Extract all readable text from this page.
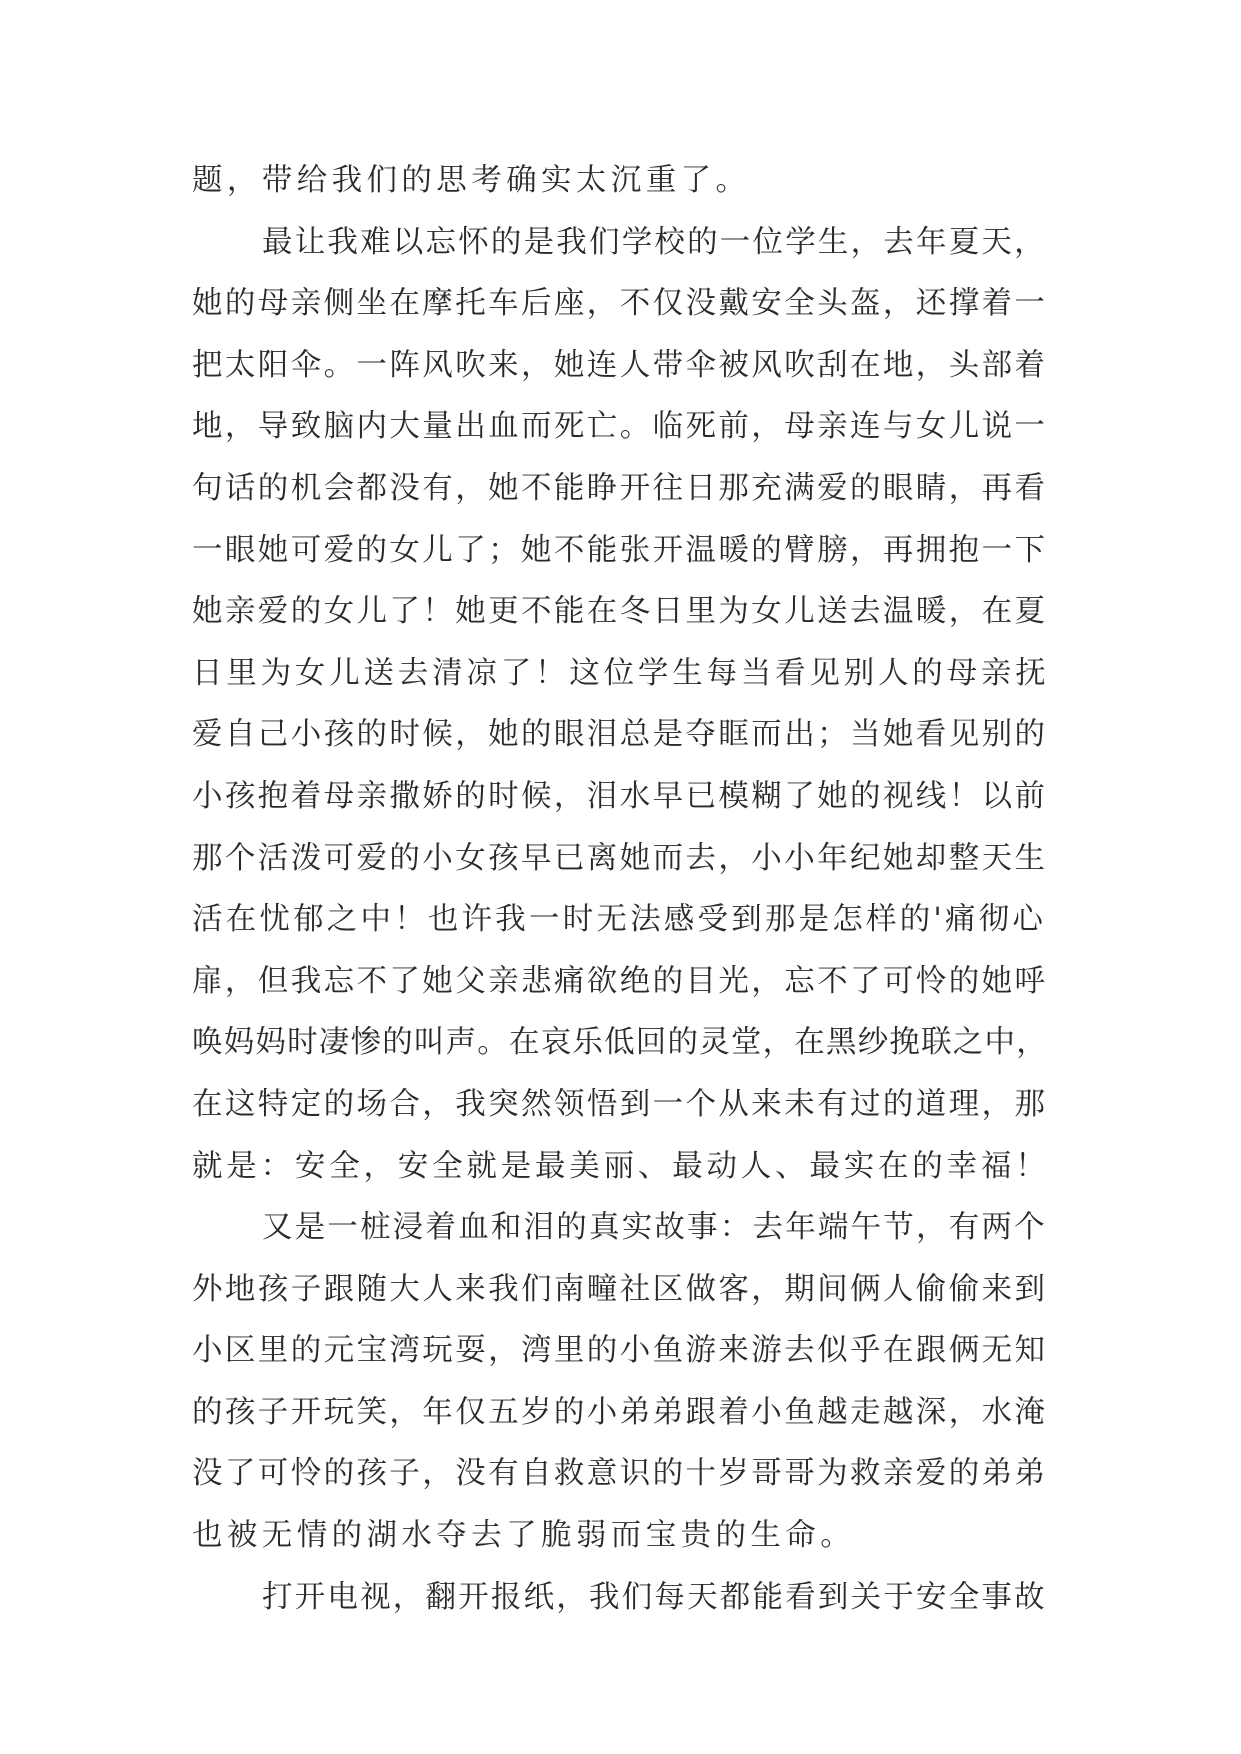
题，带给我们的思考确实太沉重了。
最让我难以忘怀的是我们学校的一位学生，去年夏天，
她的母亲侧坐在摩托车后座，不仅没戴安全头盔，还撑着一
把太阳伞。一阵风吹来，她连人带伞被风吹刮在地，头部着
地，导致脑内大量出血而死亡。临死前，母亲连与女儿说一
句话的机会都没有，她不能睁开往日那充满爱的眼睛，再看
一眼她可爱的女儿了；她不能张开温暖的臂膀，再拥抱一下
她亲爱的女儿了！她更不能在冬日里为女儿送去温暖，在夏
日里为女儿送去清凉了！这位学生每当看见别人的母亲抚
爱自己小孩的时候，她的眼泪总是夺眶而出；当她看见别的
小孩抱着母亲撒娇的时候，泪水早已模糊了她的视线！以前
那个活泼可爱的小女孩早已离她而去，小小年纪她却整天生
活在忧郁之中！也许我一时无法感受到那是怎样的'痛彻心
扉，但我忘不了她父亲悲痛欲绝的目光，忘不了可怜的她呼
唤妈妈时凄惨的叫声。在哀乐低回的灵堂，在黑纱挽联之中，
在这特定的场合，我突然领悟到一个从来未有过的道理，那
就是：安全，安全就是最美丽、最动人、最实在的幸福！
又是一桩浸着血和泪的真实故事：去年端午节，有两个
外地孩子跟随大人来我们南疃社区做客，期间俩人偷偷来到
小区里的元宝湾玩耍，湾里的小鱼游来游去似乎在跟俩无知
的孩子开玩笑，年仅五岁的小弟弟跟着小鱼越走越深，水淹
没了可怜的孩子，没有自救意识的十岁哥哥为救亲爱的弟弟
也被无情的湖水夺去了脆弱而宝贵的生命。
打开电视，翻开报纸，我们每天都能看到关于安全事故
